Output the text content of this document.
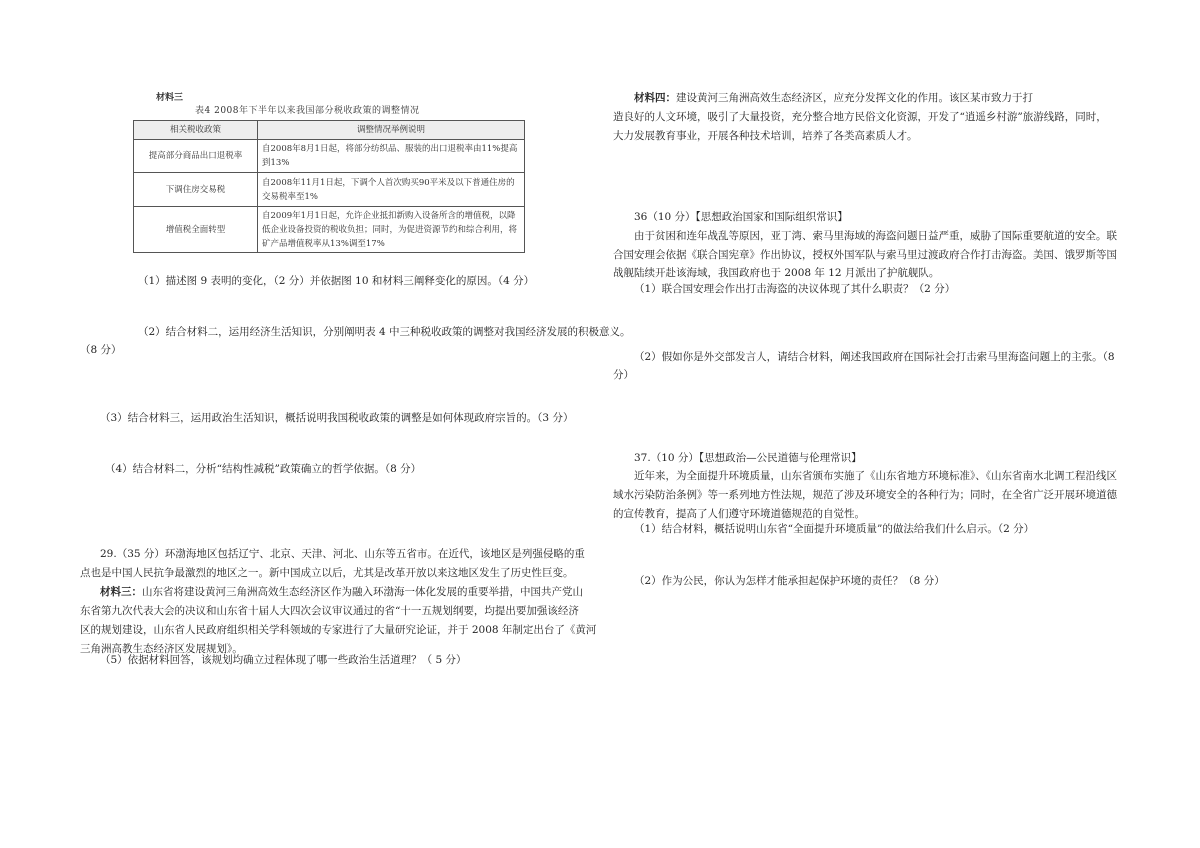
材料三
表4 2008年下半年以来我国部分税收政策的调整情况
相关税收政策	调整情况举例说明
提高部分商品出口退税率	自2008年8月1日起，将部分纺织品、服装的出口退税率由11%提高到13%
下调住房交易税	自2008年11月1日起，下调个人首次购买90平米及以下普通住房的交易税率至1%
增值税全面转型	自2009年1月1日起，允许企业抵扣新购入设备所含的增值税，以降低企业设备投资的税收负担；同时，为促进资源节约和综合利用，将矿产品增值税率从13%调至17%

（1）描述图 9 表明的变化，（2 分）并依据图 10 和材料三阐释变化的原因。（4 分）

（2）结合材料二，运用经济生活知识，分别阐明表 4 中三种税收政策的调整对我国经济发展的积极意义。

（8 分）

（3）结合材料三，运用政治生活知识，概括说明我国税收政策的调整是如何体现政府宗旨的。（3 分）

（4）结合材料二，分析“结构性减税”政策确立的哲学依据。（8 分）

29.（35 分）环渤海地区包括辽宁、北京、天津、河北、山东等五省市。在近代，该地区是列强侵略的重

点也是中国人民抗争最激烈的地区之一。新中国成立以后，尤其是改革开放以来这地区发生了历史性巨变。

材料三：山东省将建设黄河三角洲高效生态经济区作为融入环渤海一体化发展的重要举措，中国共产党山

东省第九次代表大会的决议和山东省十届人大四次会议审议通过的省“十一五规划纲要，均提出要加强该经济

区的规划建设，山东省人民政府组织相关学科领域的专家进行了大量研究论证，并于 2008 年制定出台了《黄河

三角洲高教生态经济区发展规划》。

（5）依据材料回答，该规划均确立过程体现了哪一些政治生活道理？（ 5 分）

材料四：建设黄河三角洲高效生态经济区，应充分发挥文化的作用。该区某市致力于打

造良好的人文环境，吸引了大量投资，充分整合地方民俗文化资源，开发了“逍遥乡村游”旅游线路，同时，

大力发展教育事业，开展各种技术培训，培养了各类高素质人才。

36（10 分）【思想政治国家和国际组织常识】

由于贫困和连年战乱等原因，亚丁湾、索马里海域的海盗问题日益严重，威胁了国际重要航道的安全。联

合国安理会依据《联合国宪章》作出协议，授权外国军队与索马里过渡政府合作打击海盗。美国、饿罗斯等国

战舰陆续开赴该海域，我国政府也于 2008 年 12 月派出了护航舰队。

（1）联合国安理会作出打击海盗的决议体现了其什么职责？（2 分）

（2）假如你是外交部发言人，请结合材料，阐述我国政府在国际社会打击索马里海盗问题上的主张。（8

分）

37.（10 分）【思想政治—公民道德与伦理常识】

近年来，为全面提升环境质量，山东省颁布实施了《山东省地方环境标准》、《山东省南水北调工程沿线区

域水污染防治条例》等一系列地方性法规，规范了涉及环境安全的各种行为；同时，在全省广泛开展环境道德

的宣传教育，提高了人们遵守环境道德规范的自觉性。

（1）结合材料，概括说明山东省“全面提升环境质量”的做法给我们什么启示。（2 分）

（2）作为公民，你认为怎样才能承担起保护环境的责任？（8 分）
